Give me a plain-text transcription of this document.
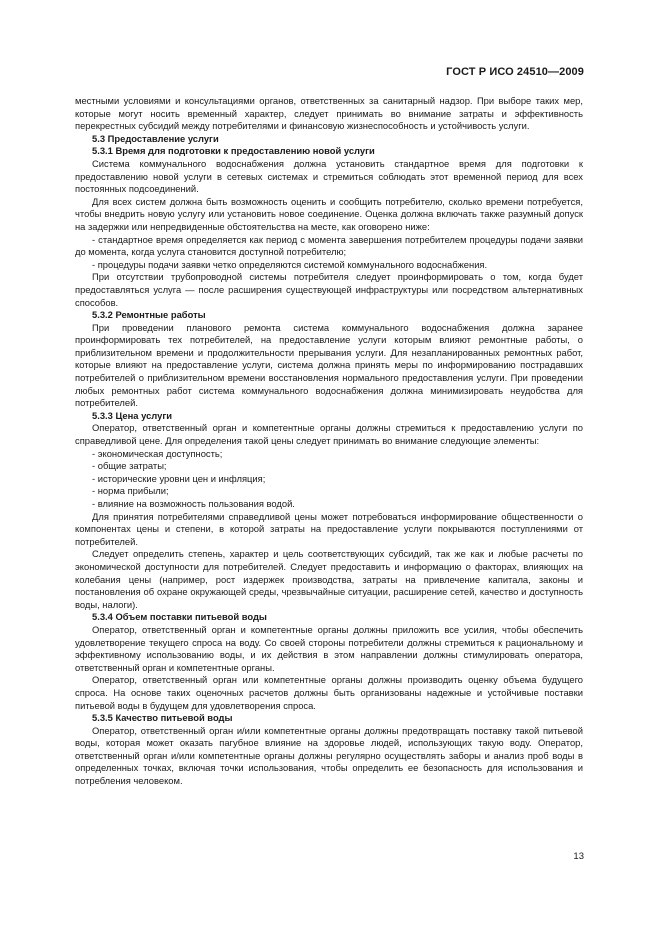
ГОСТ Р ИСО 24510—2009

местными условиями и консультациями органов, ответственных за санитарный надзор. При выборе таких мер, которые могут носить временный характер, следует принимать во внимание затраты и эффективность перекрестных субсидий между потребителями и финансовую жизнеспособность и устойчивость услуги.

5.3 Предоставление услуги

5.3.1 Время для подготовки к предоставлению новой услуги

Система коммунального водоснабжения должна установить стандартное время для подготовки к предоставлению новой услуги в сетевых системах и стремиться соблюдать этот временной период для всех постоянных подсоединений.

Для всех систем должна быть возможность оценить и сообщить потребителю, сколько времени потребуется, чтобы внедрить новую услугу или установить новое соединение. Оценка должна включать также разумный допуск на задержки или непредвиденные обстоятельства на месте, как оговорено ниже:

- стандартное время определяется как период с момента завершения потребителем процедуры подачи заявки до момента, когда услуга становится доступной потребителю;

- процедуры подачи заявки четко определяются системой коммунального водоснабжения.

При отсутствии трубопроводной системы потребителя следует проинформировать о том, когда будет предоставляться услуга — после расширения существующей инфраструктуры или посредством альтернативных способов.

5.3.2 Ремонтные работы

При проведении планового ремонта система коммунального водоснабжения должна заранее проинформировать тех потребителей, на предоставление услуги которым влияют ремонтные работы, о приблизительном времени и продолжительности прерывания услуги. Для незапланированных ремонтных работ, которые влияют на предоставление услуги, система должна принять меры по информированию пострадавших потребителей о приблизительном времени восстановления нормального предоставления услуги. При проведении любых ремонтных работ система коммунального водоснабжения должна минимизировать неудобства для потребителей.

5.3.3 Цена услуги

Оператор, ответственный орган и компетентные органы должны стремиться к предоставлению услуги по справедливой цене. Для определения такой цены следует принимать во внимание следующие элементы:

- экономическая доступность;

- общие затраты;

- исторические уровни цен и инфляция;

- норма прибыли;

- влияние на возможность пользования водой.

Для принятия потребителями справедливой цены может потребоваться информирование общественности о компонентах цены и степени, в которой затраты на предоставление услуги покрываются поступлениями от потребителей.

Следует определить степень, характер и цель соответствующих субсидий, так же как и любые расчеты по экономической доступности для потребителей. Следует предоставить и информацию о факторах, влияющих на колебания цены (например, рост издержек производства, затраты на привлечение капитала, законы и постановления об охране окружающей среды, чрезвычайные ситуации, расширение сетей, качество и доступность воды, налоги).

5.3.4 Объем поставки питьевой воды

Оператор, ответственный орган и компетентные органы должны приложить все усилия, чтобы обеспечить удовлетворение текущего спроса на воду. Со своей стороны потребители должны стремиться к рациональному и эффективному использованию воды, и их действия в этом направлении должны стимулировать оператора, ответственный орган и компетентные органы.

Оператор, ответственный орган или компетентные органы должны производить оценку объема будущего спроса. На основе таких оценочных расчетов должны быть организованы надежные и устойчивые поставки питьевой воды в будущем для удовлетворения спроса.

5.3.5 Качество питьевой воды

Оператор, ответственный орган и/или компетентные органы должны предотвращать поставку такой питьевой воды, которая может оказать пагубное влияние на здоровье людей, использующих такую воду. Оператор, ответственный орган и/или компетентные органы должны регулярно осуществлять заборы и анализ проб воды в определенных точках, включая точки использования, чтобы определить ее безопасность для использования и потребления человеком.

13
